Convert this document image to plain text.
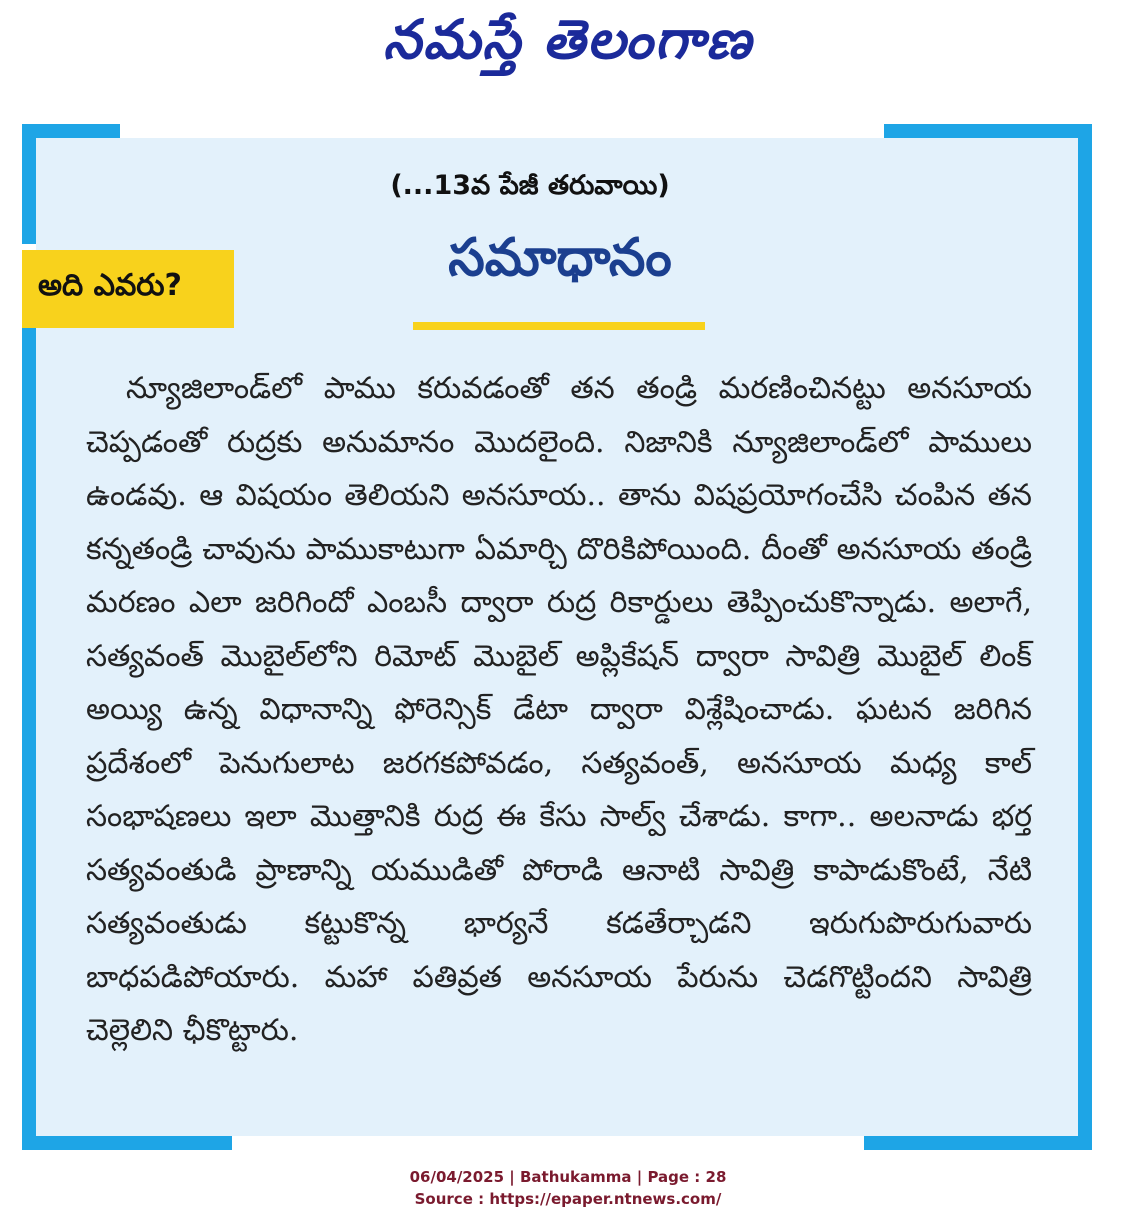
నమస్తే తెలంగాణ
(...13వ పేజీ తరువాయి)
అది ఎవరు?	సమాధానం
న్యూజిలాండ్‌లో పాము కరువడంతో తన తండ్రి మరణించినట్టు అనసూయ చెప్పడంతో రుద్రకు అనుమానం మొదలైంది. నిజానికి న్యూజిలాండ్‌లో పాములు ఉండవు. ఆ విషయం తెలియని అనసూయ.. తాను విషప్రయోగంచేసి చంపిన తన కన్నతండ్రి చావును పాముకాటుగా ఏమార్చి దొరికిపోయింది. దీంతో అనసూయ తండ్రి మరణం ఎలా జరిగిందో ఎంబసీ ద్వారా రుద్ర రికార్డులు తెప్పించుకొన్నాడు. అలాగే, సత్యవంత్ మొబైల్‌లోని రిమోట్ మొబైల్ అప్లికేషన్ ద్వారా సావిత్రి మొబైల్ లింక్ అయ్యి ఉన్న విధానాన్ని ఫోరెన్సిక్ డేటా ద్వారా విశ్లేషించాడు. ఘటన జరిగిన ప్రదేశంలో పెనుగులాట జరగకపోవడం, సత్యవంత్, అనసూయ మధ్య కాల్ సంభాషణలు ఇలా మొత్తానికి రుద్ర ఈ కేసు సాల్వ్ చేశాడు. కాగా.. అలనాడు భర్త సత్యవంతుడి ప్రాణాన్ని యముడితో పోరాడి ఆనాటి సావిత్రి కాపాడుకొంటే, నేటి సత్యవంతుడు కట్టుకొన్న భార్యనే కడతేర్చాడని ఇరుగుపొరుగువారు బాధపడిపోయారు. మహా పతివ్రత అనసూయ పేరును చెడగొట్టిందని సావిత్రి చెల్లెలిని ఛీకొట్టారు.
06/04/2025 | Bathukamma | Page : 28
Source : https://epaper.ntnews.com/
